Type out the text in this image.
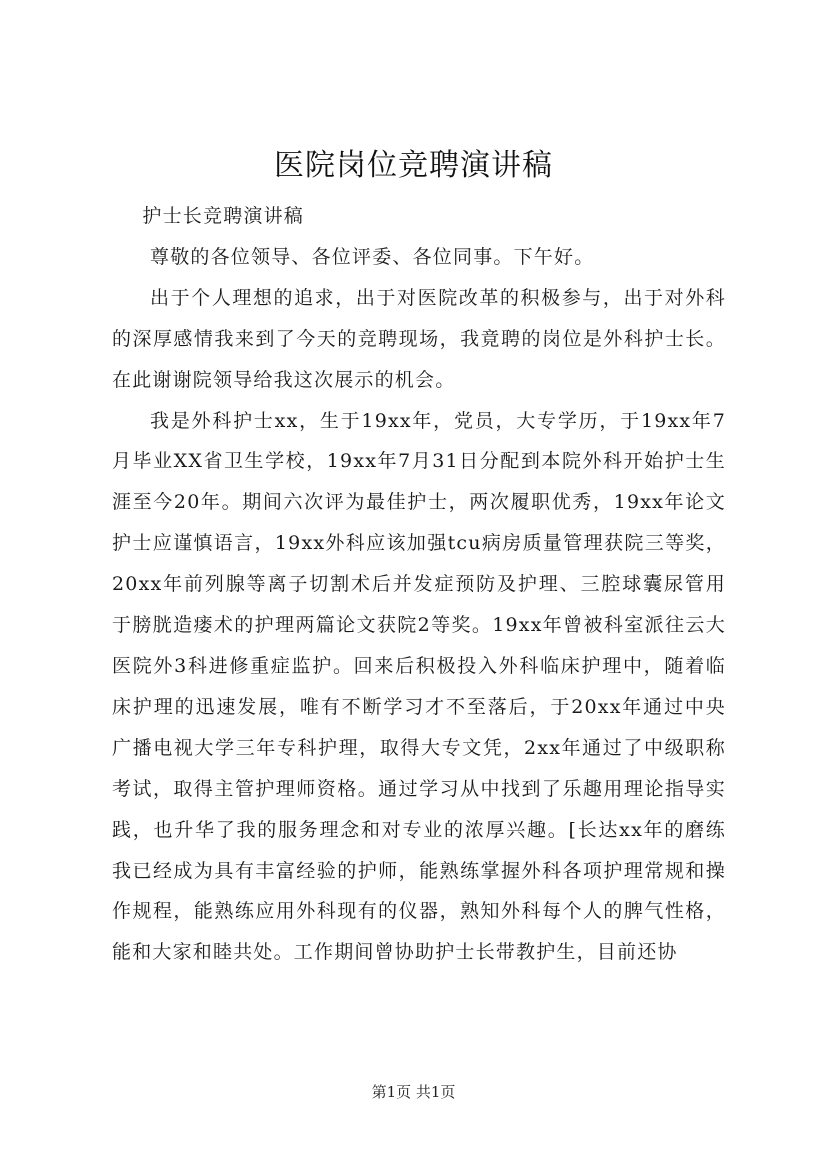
医院岗位竞聘演讲稿

护士长竞聘演讲稿

尊敬的各位领导、各位评委、各位同事。下午好。

出于个人理想的追求，出于对医院改革的积极参与，出于对外科的深厚感情我来到了今天的竞聘现场，我竟聘的岗位是外科护士长。在此谢谢院领导给我这次展示的机会。

我是外科护士xx，生于19xx年，党员，大专学历，于19xx年7月毕业XX省卫生学校，19xx年7月31日分配到本院外科开始护士生涯至今20年。期间六次评为最佳护士，两次履职优秀，19xx年论文护士应谨慎语言，19xx外科应该加强tcu病房质量管理获院三等奖，20xx年前列腺等离子切割术后并发症预防及护理、三腔球囊尿管用于膀胱造瘘术的护理两篇论文获院2等奖。19xx年曾被科室派往云大医院外3科进修重症监护。回来后积极投入外科临床护理中，随着临床护理的迅速发展，唯有不断学习才不至落后，于20xx年通过中央广播电视大学三年专科护理，取得大专文凭，2xx年通过了中级职称考试，取得主管护理师资格。通过学习从中找到了乐趣用理论指导实践，也升华了我的服务理念和对专业的浓厚兴趣。[长达xx年的磨练我已经成为具有丰富经验的护师，能熟练掌握外科各项护理常规和操作规程，能熟练应用外科现有的仪器，熟知外科每个人的脾气性格，能和大家和睦共处。工作期间曾协助护士长带教护生，目前还协

第1页 共1页
